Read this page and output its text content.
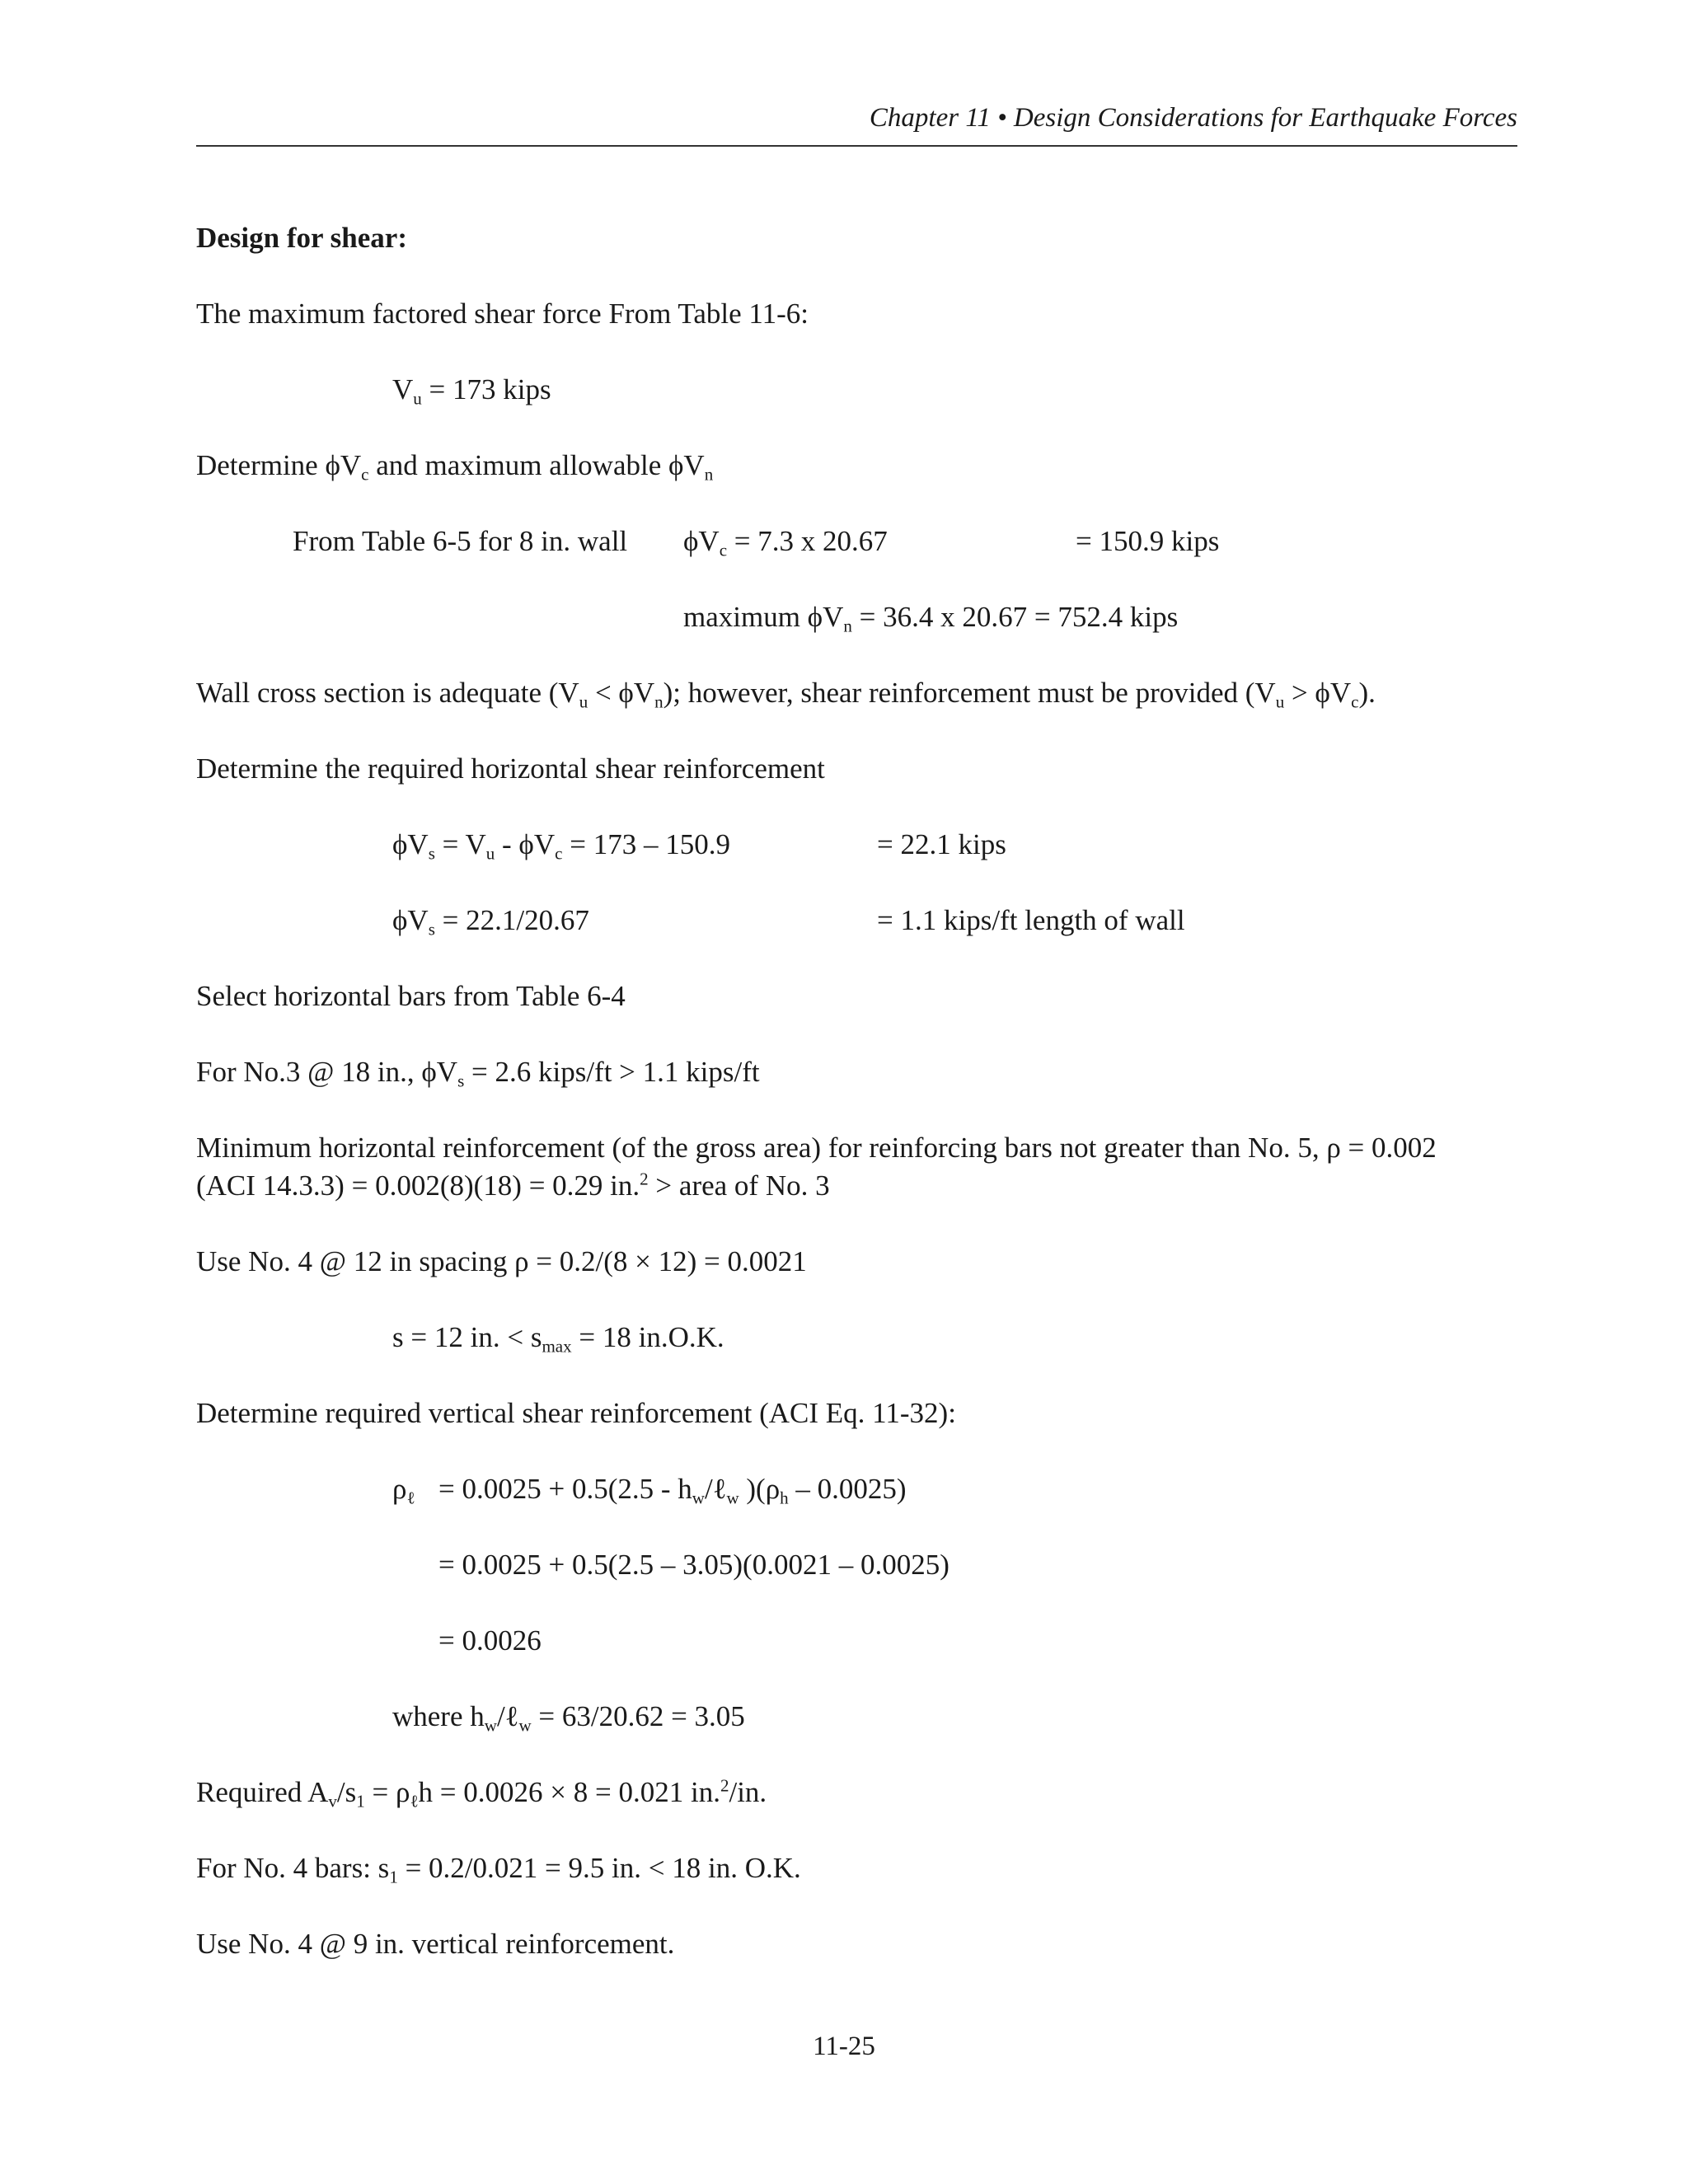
Chapter 11 • Design Considerations for Earthquake Forces
Design for shear:
The maximum factored shear force From Table 11-6:
$V_u = 173$ kips
Determine $\phi V_c$ and maximum allowable $\phi V_n$
From Table 6-5 for 8 in. wall $\phi V_c = 7.3$ x 20.67	= 150.9 kips
maximum $\phi V_n = 36.4$ x 20.67 = 752.4 kips
Wall cross section is adequate $(V_u < \phi V_n)$; however, shear reinforcement must be provided $(V_u > \phi V_c)$.
Determine the required horizontal shear reinforcement
$\phi V_s = V_u - \phi V_c = 173 - 150.9$	= 22.1 kips
$\phi V_s = 22.1/20.67$	= 1.1 kips/ft length of wall
Select horizontal bars from Table 6-4
For No.3 @ 18 in., $\phi V_s = 2.6$ kips/ft > 1.1 kips/ft
Minimum horizontal reinforcement (of the gross area) for reinforcing bars not greater than No. 5, ρ = 0.002
(ACI 14.3.3) = 0.002(8)(18) = 0.29 in.$^2$ > area of No. 3
Use No. 4 @ 12 in spacing ρ = 0.2/(8 × 12) = 0.0021
s = 12 in. < $s_{max} = 18$ in.O.K.
Determine required vertical shear reinforcement (ACI Eq. 11-32):
$\rho_\ell = 0.0025 + 0.5(2.5$ - $h_w/\ell_w$ )$(\rho_h - 0.0025)$
= 0.0025 + 0.5(2.5 – 3.05)(0.0021 – 0.0025)
= 0.0026
where $h_w/\ell_w = 63/20.62 = 3.05$
Required $A_v/s_1 = \rho_\ell h = 0.0026 \times 8 = 0.021$ in.$^2$/in.
For No. 4 bars: $s_1 = 0.2/0.021 = 9.5$ in. < 18 in. O.K.
Use No. 4 @ 9 in. vertical reinforcement.
11-25
